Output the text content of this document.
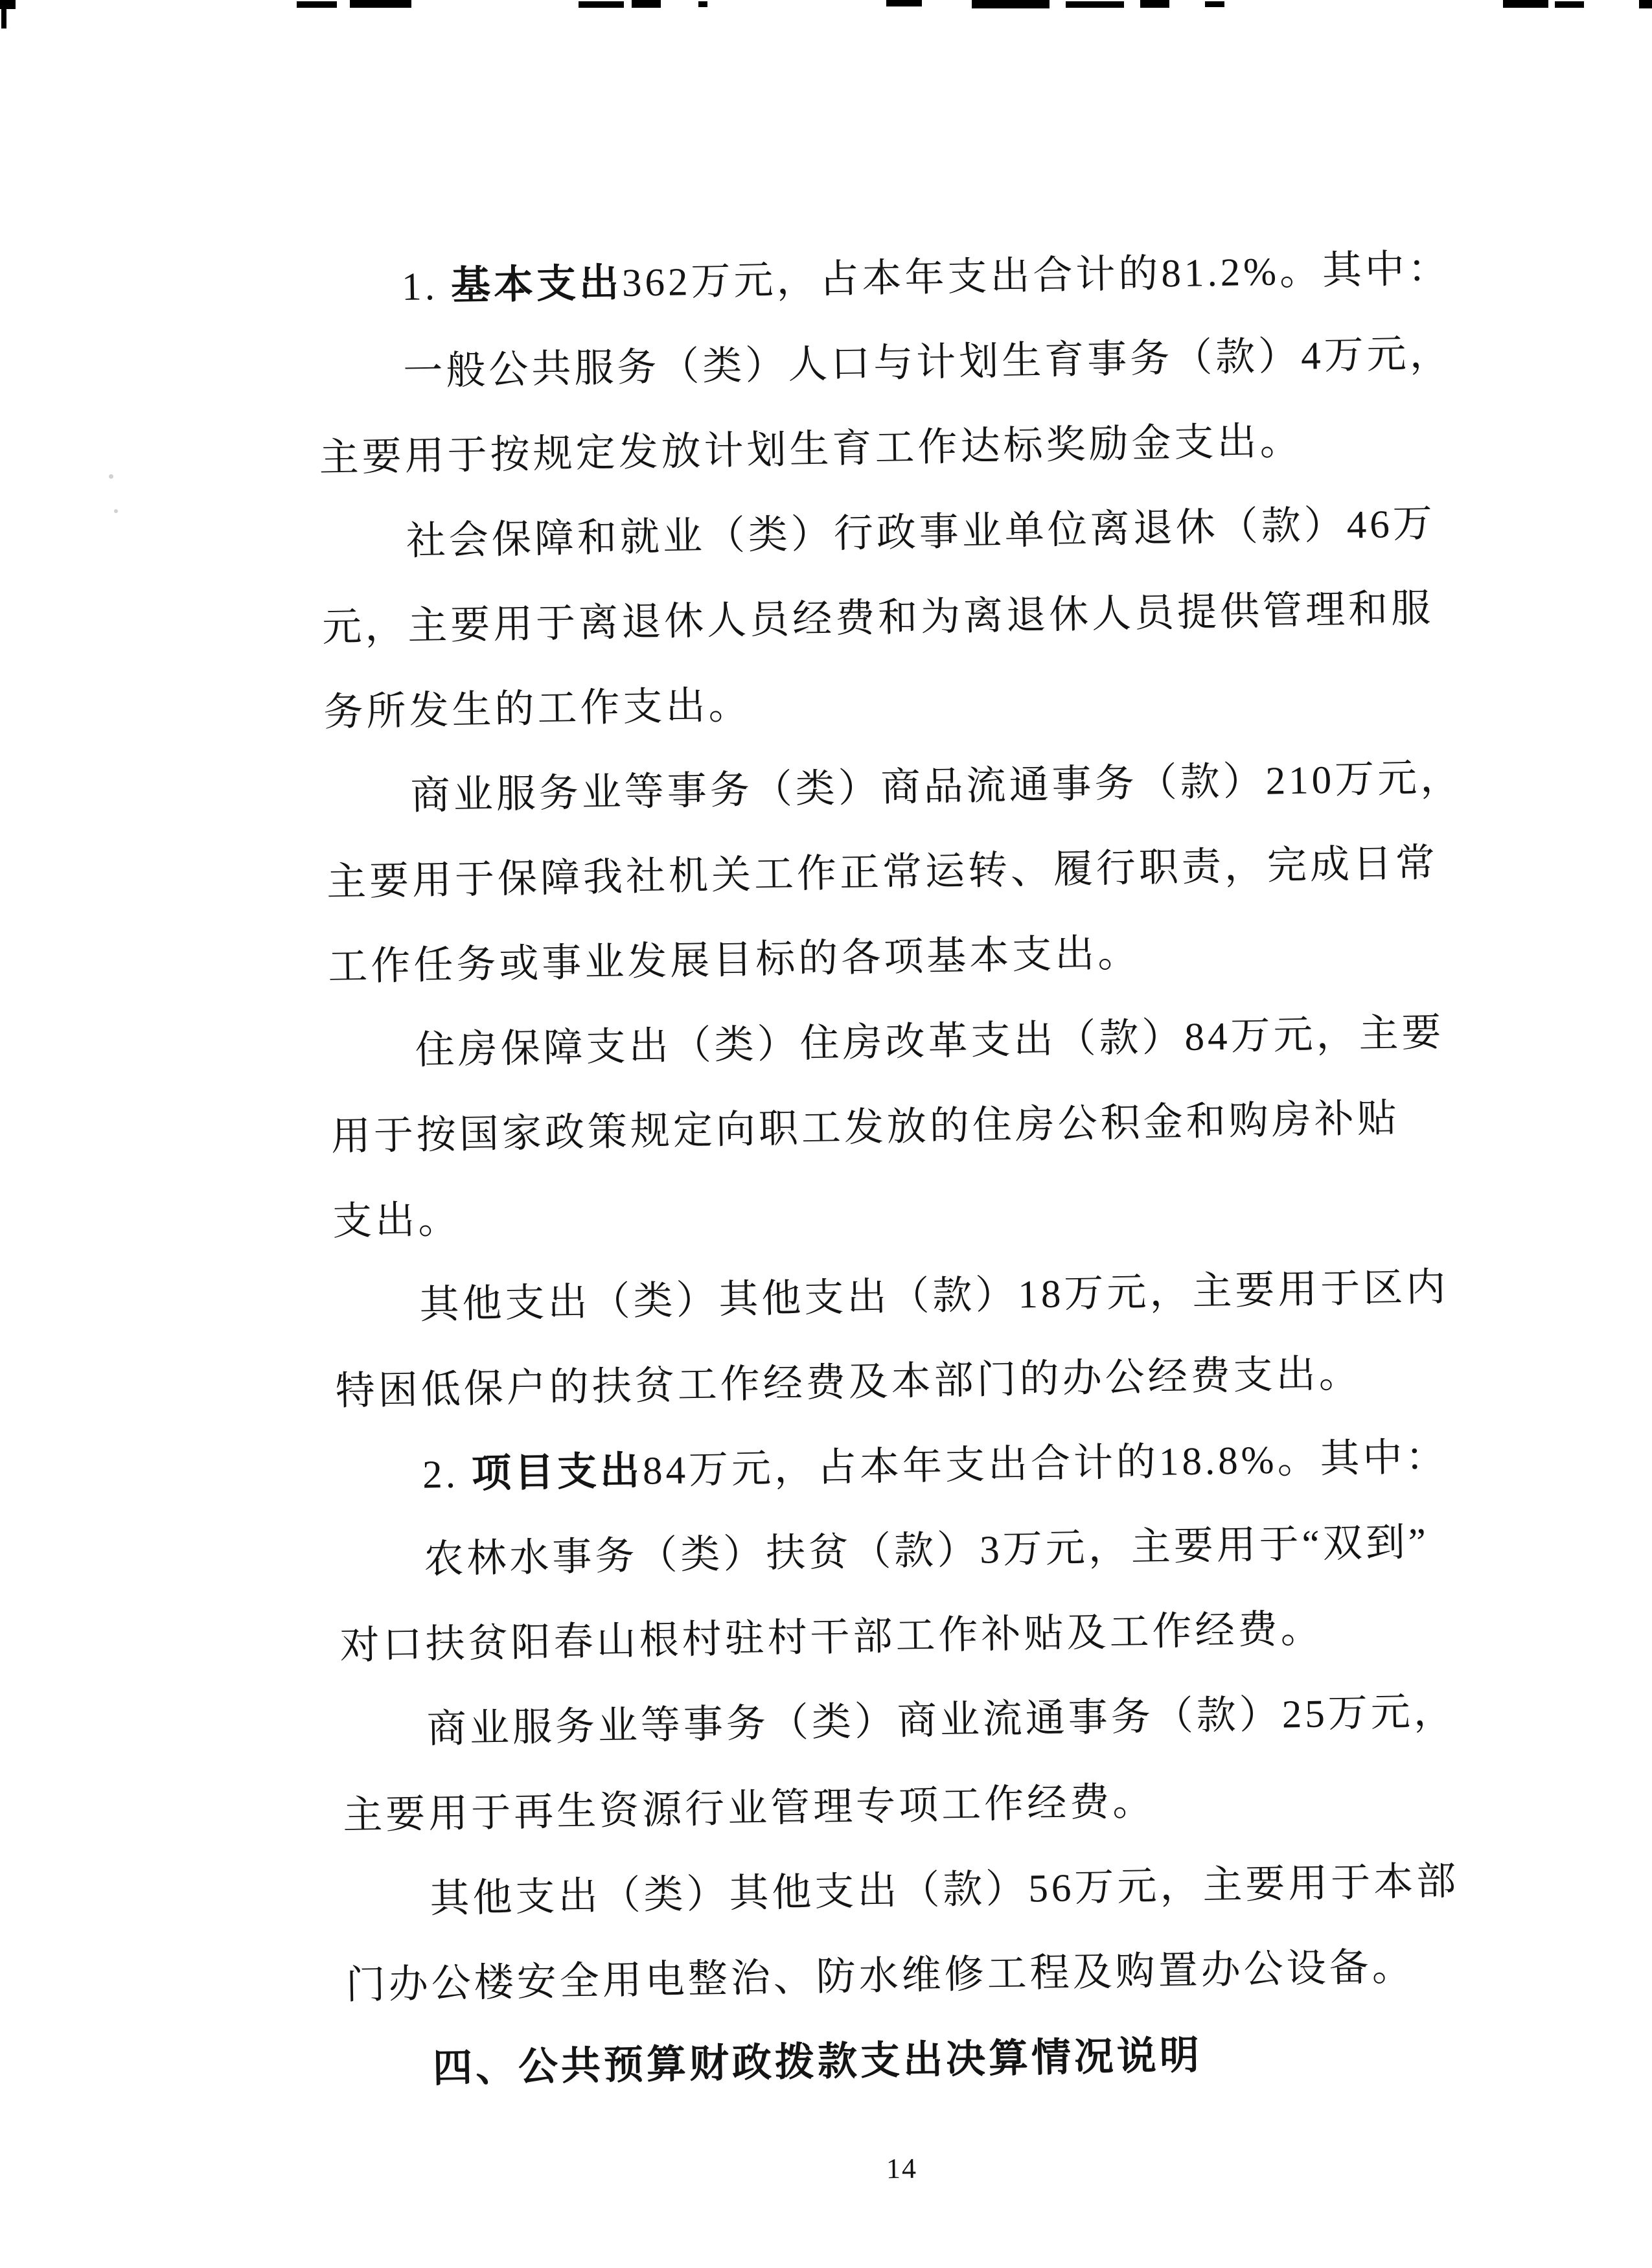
1. 基本支出362万元，占本年支出合计的81.2%。其中：
一般公共服务（类）人口与计划生育事务（款）4万元，
主要用于按规定发放计划生育工作达标奖励金支出。
社会保障和就业（类）行政事业单位离退休（款）46万
元，主要用于离退休人员经费和为离退休人员提供管理和服
务所发生的工作支出。
商业服务业等事务（类）商品流通事务（款）210万元，
主要用于保障我社机关工作正常运转、履行职责，完成日常
工作任务或事业发展目标的各项基本支出。
住房保障支出（类）住房改革支出（款）84万元，主要
用于按国家政策规定向职工发放的住房公积金和购房补贴
支出。
其他支出（类）其他支出（款）18万元，主要用于区内
特困低保户的扶贫工作经费及本部门的办公经费支出。
2. 项目支出84万元，占本年支出合计的18.8%。其中：
农林水事务（类）扶贫（款）3万元，主要用于“双到”
对口扶贫阳春山根村驻村干部工作补贴及工作经费。
商业服务业等事务（类）商业流通事务（款）25万元，
主要用于再生资源行业管理专项工作经费。
其他支出（类）其他支出（款）56万元，主要用于本部
门办公楼安全用电整治、防水维修工程及购置办公设备。
四、公共预算财政拨款支出决算情况说明
14
